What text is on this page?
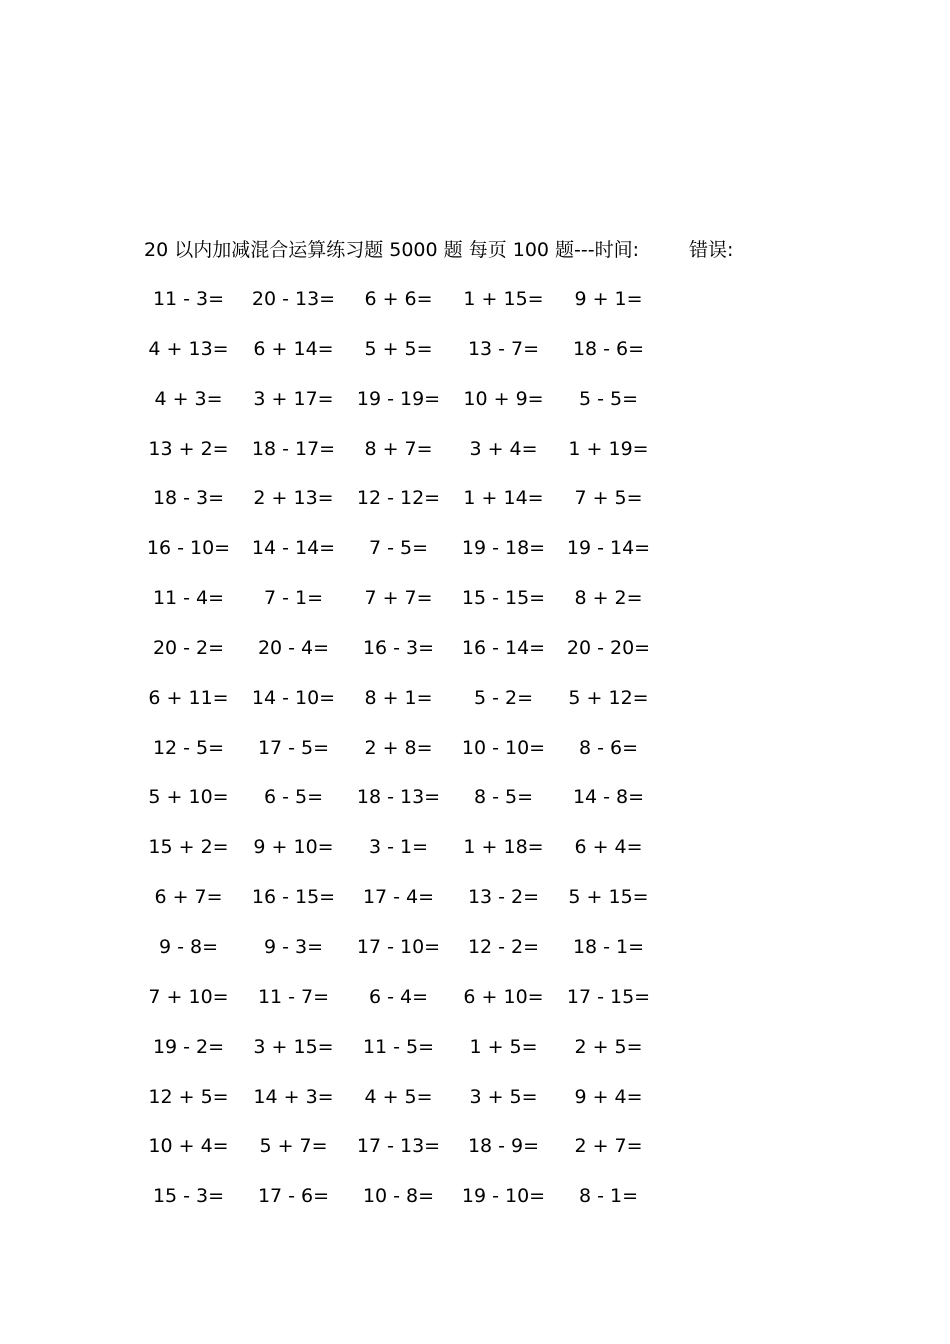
20 以内加减混合运算练习题 5000 题 每页 100 题---时间:	错误:
11 - 3=	20 - 13=	6 + 6=	1 + 15=	9 + 1=
4 + 13=	6 + 14=	5 + 5=	13 - 7=	18 - 6=
4 + 3=	3 + 17=	19 - 19=	10 + 9=	5 - 5=
13 + 2=	18 - 17=	8 + 7=	3 + 4=	1 + 19=
18 - 3=	2 + 13=	12 - 12=	1 + 14=	7 + 5=
16 - 10=	14 - 14=	7 - 5=	19 - 18=	19 - 14=
11 - 4=	7 - 1=	7 + 7=	15 - 15=	8 + 2=
20 - 2=	20 - 4=	16 - 3=	16 - 14=	20 - 20=
6 + 11=	14 - 10=	8 + 1=	5 - 2=	5 + 12=
12 - 5=	17 - 5=	2 + 8=	10 - 10=	8 - 6=
5 + 10=	6 - 5=	18 - 13=	8 - 5=	14 - 8=
15 + 2=	9 + 10=	3 - 1=	1 + 18=	6 + 4=
6 + 7=	16 - 15=	17 - 4=	13 - 2=	5 + 15=
9 - 8=	9 - 3=	17 - 10=	12 - 2=	18 - 1=
7 + 10=	11 - 7=	6 - 4=	6 + 10=	17 - 15=
19 - 2=	3 + 15=	11 - 5=	1 + 5=	2 + 5=
12 + 5=	14 + 3=	4 + 5=	3 + 5=	9 + 4=
10 + 4=	5 + 7=	17 - 13=	18 - 9=	2 + 7=
15 - 3=	17 - 6=	10 - 8=	19 - 10=	8 - 1=
